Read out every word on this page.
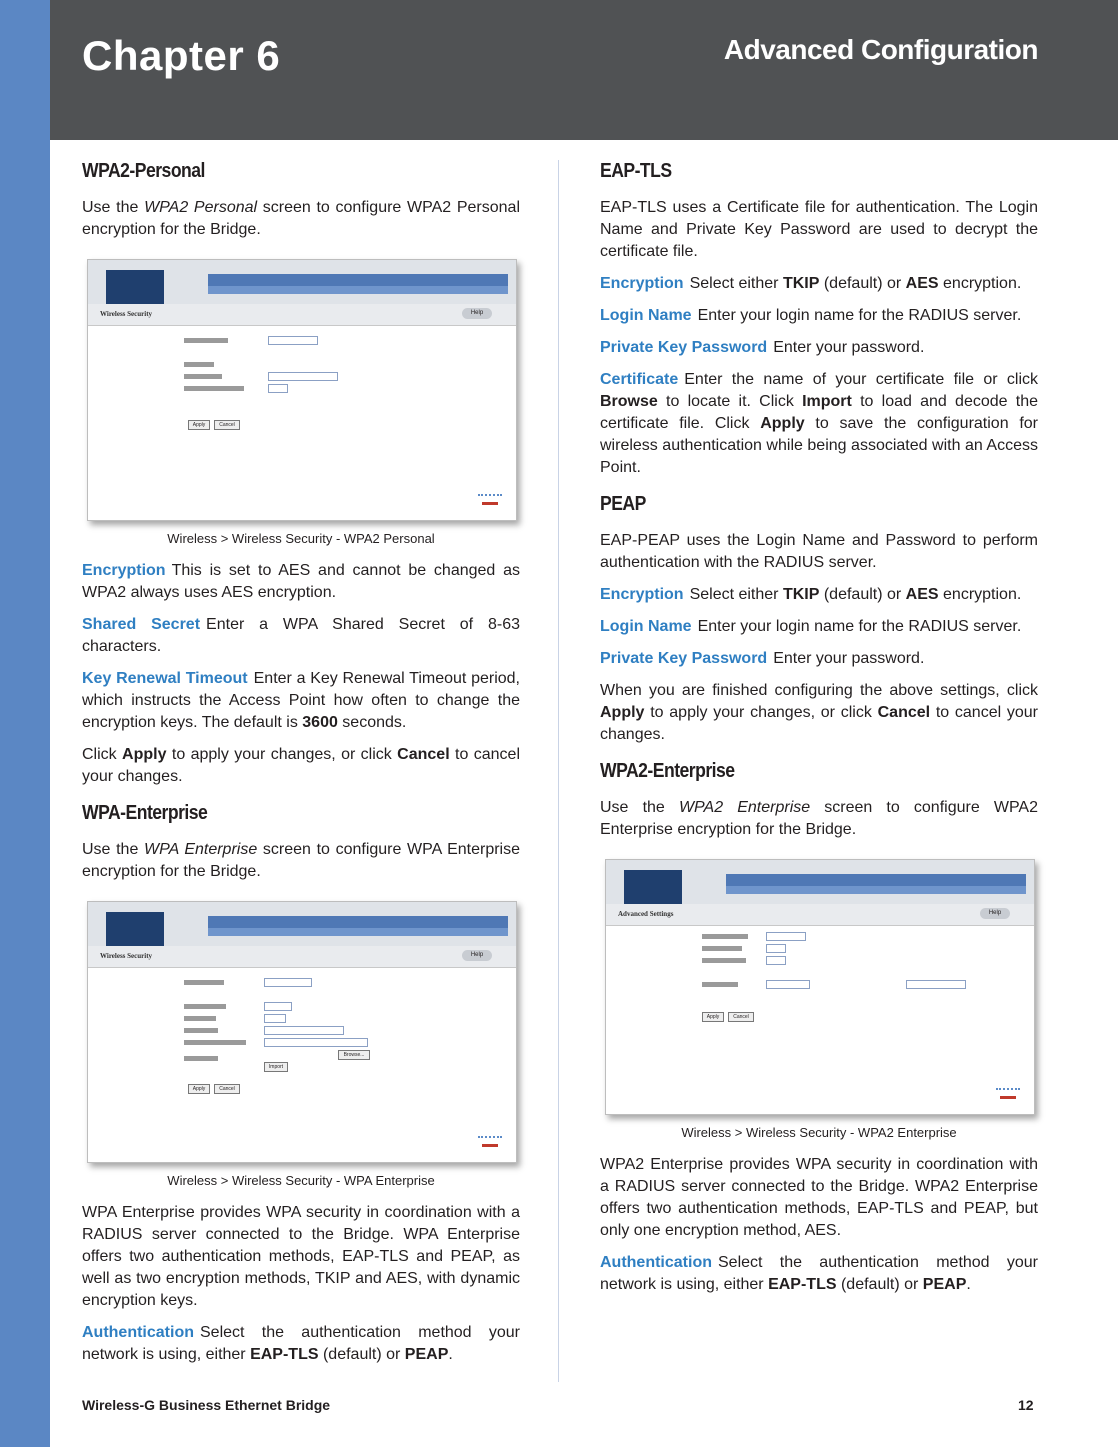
Chapter 6	Advanced Configuration
WPA2-Personal

Use the WPA2 Personal screen to configure WPA2 Personal encryption for the Bridge.

Wireless Security	Help
Apply	Cancel
Wireless > Wireless Security - WPA2 Personal

Encryption This is set to AES and cannot be changed as WPA2 always uses AES encryption.

Shared Secret Enter a WPA Shared Secret of 8-63 characters.

Key Renewal Timeout Enter a Key Renewal Timeout period, which instructs the Access Point how often to change the encryption keys. The default is 3600 seconds.

Click Apply to apply your changes, or click Cancel to cancel your changes.

WPA-Enterprise

Use the WPA Enterprise screen to configure WPA Enterprise encryption for the Bridge.

Wireless Security	Help
Browse...
Import
Apply	Cancel
Wireless > Wireless Security - WPA Enterprise

WPA Enterprise provides WPA security in coordination with a RADIUS server connected to the Bridge. WPA Enterprise offers two authentication methods, EAP-TLS and PEAP, as well as two encryption methods, TKIP and AES, with dynamic encryption keys.

Authentication Select the authentication method your network is using, either EAP-TLS (default) or PEAP.

EAP-TLS

EAP-TLS uses a Certificate file for authentication. The Login Name and Private Key Password are used to decrypt the certificate file.

Encryption Select either TKIP (default) or AES encryption.

Login Name Enter your login name for the RADIUS server.

Private Key Password Enter your password.

Certificate Enter the name of your certificate file or click Browse to locate it. Click Import to load and decode the certificate file. Click Apply to save the configuration for wireless authentication while being associated with an Access Point.

PEAP

EAP-PEAP uses the Login Name and Password to perform authentication with the RADIUS server.

Encryption Select either TKIP (default) or AES encryption.

Login Name Enter your login name for the RADIUS server.

Private Key Password Enter your password.

When you are finished configuring the above settings, click Apply to apply your changes, or click Cancel to cancel your changes.

WPA2-Enterprise

Use the WPA2 Enterprise screen to configure WPA2 Enterprise encryption for the Bridge.

Advanced Settings	Help
Apply	Cancel
Wireless > Wireless Security - WPA2 Enterprise

WPA2 Enterprise provides WPA security in coordination with a RADIUS server connected to the Bridge. WPA2 Enterprise offers two authentication methods, EAP-TLS and PEAP, but only one encryption method, AES.

Authentication Select the authentication method your network is using, either EAP-TLS (default) or PEAP.

Wireless-G Business Ethernet Bridge	12
